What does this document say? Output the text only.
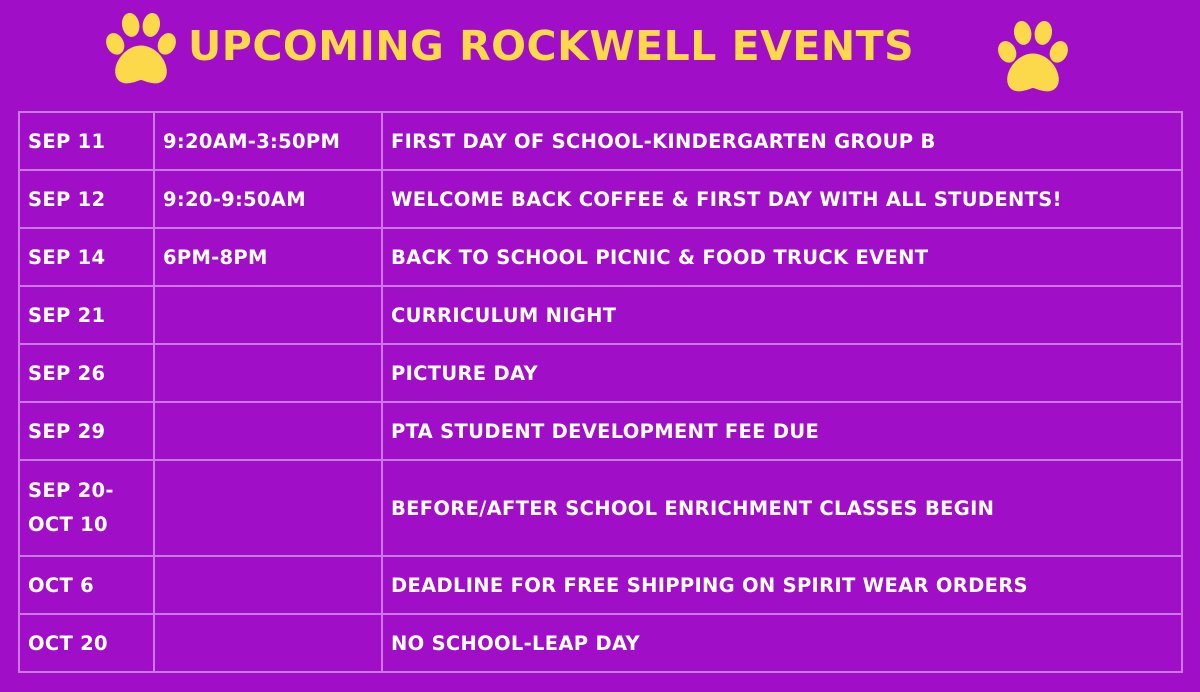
UPCOMING ROCKWELL EVENTS
SEP 11	9:20AM-3:50PM	FIRST DAY OF SCHOOL-KINDERGARTEN GROUP B
SEP 12	9:20-9:50AM	WELCOME BACK COFFEE & FIRST DAY WITH ALL STUDENTS!
SEP 14	6PM-8PM	BACK TO SCHOOL PICNIC & FOOD TRUCK EVENT
SEP 21		CURRICULUM NIGHT
SEP 26		PICTURE DAY
SEP 29		PTA STUDENT DEVELOPMENT FEE DUE
SEP 20- OCT 10		BEFORE/AFTER SCHOOL ENRICHMENT CLASSES BEGIN
OCT 6		DEADLINE FOR FREE SHIPPING ON SPIRIT WEAR ORDERS
OCT 20		NO SCHOOL-LEAP DAY
